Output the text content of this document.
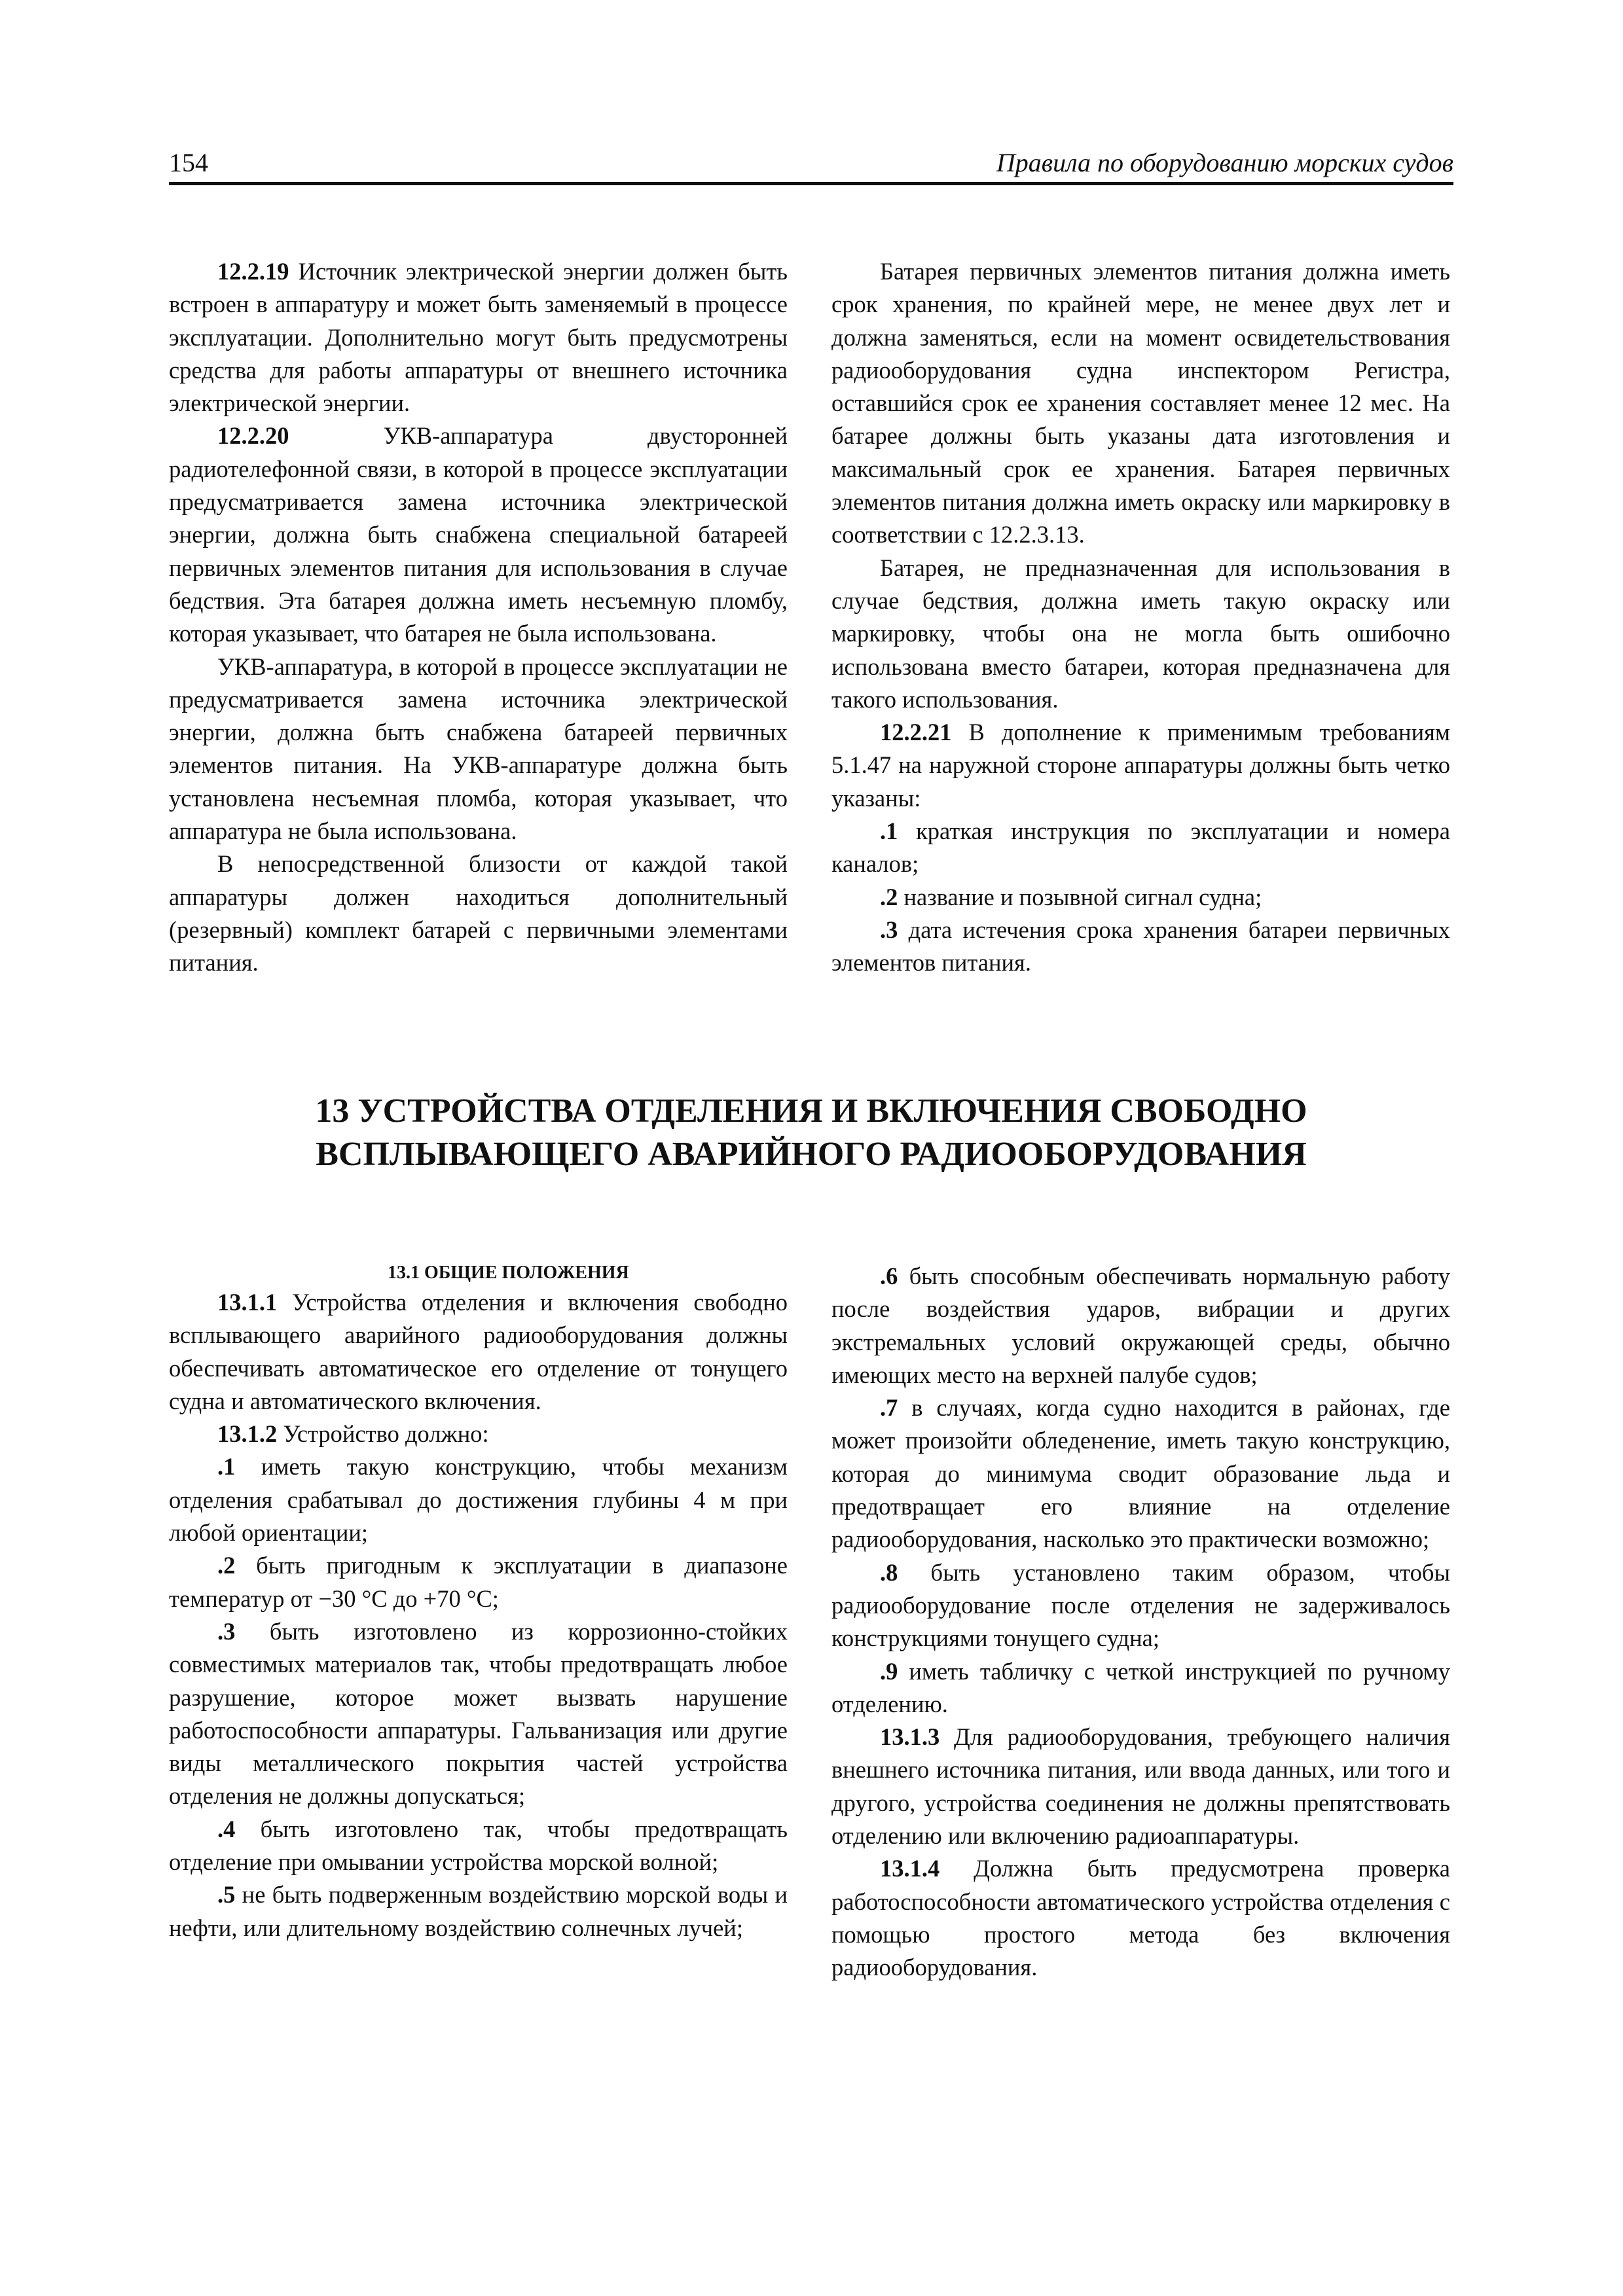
154	Правила по оборудованию морских судов

12.2.19 Источник электрической энергии должен быть встроен в аппаратуру и может быть заменяемый в процессе эксплуатации. Дополнительно могут быть предусмотрены средства для работы аппаратуры от внешнего источника электрической энергии.

12.2.20 УКВ-аппаратура двусторонней радиотелефонной связи, в которой в процессе эксплуатации предусматривается замена источника электрической энергии, должна быть снабжена специальной батареей первичных элементов питания для использования в случае бедствия. Эта батарея должна иметь несъемную пломбу, которая указывает, что батарея не была использована.

УКВ-аппаратура, в которой в процессе эксплуатации не предусматривается замена источника электрической энергии, должна быть снабжена батареей первичных элементов питания. На УКВ-аппаратуре должна быть установлена несъемная пломба, которая указывает, что аппаратура не была использована.

В непосредственной близости от каждой такой аппаратуры должен находиться дополнительный (резервный) комплект батарей с первичными элементами питания.

Батарея первичных элементов питания должна иметь срок хранения, по крайней мере, не менее двух лет и должна заменяться, если на момент освидетельствования радиооборудования судна инспектором Регистра, оставшийся срок ее хранения составляет менее 12 мес. На батарее должны быть указаны дата изготовления и максимальный срок ее хранения. Батарея первичных элементов питания должна иметь окраску или маркировку в соответствии с 12.2.3.13.

Батарея, не предназначенная для использования в случае бедствия, должна иметь такую окраску или маркировку, чтобы она не могла быть ошибочно использована вместо батареи, которая предназначена для такого использования.

12.2.21 В дополнение к применимым требованиям 5.1.47 на наружной стороне аппаратуры должны быть четко указаны:

.1 краткая инструкция по эксплуатации и номера каналов;

.2 название и позывной сигнал судна;

.3 дата истечения срока хранения батареи первичных элементов питания.

13 УСТРОЙСТВА ОТДЕЛЕНИЯ И ВКЛЮЧЕНИЯ СВОБОДНО
ВСПЛЫВАЮЩЕГО АВАРИЙНОГО РАДИООБОРУДОВАНИЯ

13.1 ОБЩИЕ ПОЛОЖЕНИЯ

13.1.1 Устройства отделения и включения свободно всплывающего аварийного радиооборудования должны обеспечивать автоматическое его отделение от тонущего судна и автоматического включения.

13.1.2 Устройство должно:

.1 иметь такую конструкцию, чтобы механизм отделения срабатывал до достижения глубины 4 м при любой ориентации;

.2 быть пригодным к эксплуатации в диапазоне температур от −30 °С до +70 °С;

.3 быть изготовлено из коррозионно-стойких совместимых материалов так, чтобы предотвращать любое разрушение, которое может вызвать нарушение работоспособности аппаратуры. Гальванизация или другие виды металлического покрытия частей устройства отделения не должны допускаться;

.4 быть изготовлено так, чтобы предотвращать отделение при омывании устройства морской волной;

.5 не быть подверженным воздействию морской воды и нефти, или длительному воздействию солнечных лучей;

.6 быть способным обеспечивать нормальную работу после воздействия ударов, вибрации и других экстремальных условий окружающей среды, обычно имеющих место на верхней палубе судов;

.7 в случаях, когда судно находится в районах, где может произойти обледенение, иметь такую конструкцию, которая до минимума сводит образование льда и предотвращает его влияние на отделение радиооборудования, насколько это практически возможно;

.8 быть установлено таким образом, чтобы радиооборудование после отделения не задерживалось конструкциями тонущего судна;

.9 иметь табличку с четкой инструкцией по ручному отделению.

13.1.3 Для радиооборудования, требующего наличия внешнего источника питания, или ввода данных, или того и другого, устройства соединения не должны препятствовать отделению или включению радиоаппаратуры.

13.1.4 Должна быть предусмотрена проверка работоспособности автоматического устройства отделения с помощью простого метода без включения радиооборудования.
